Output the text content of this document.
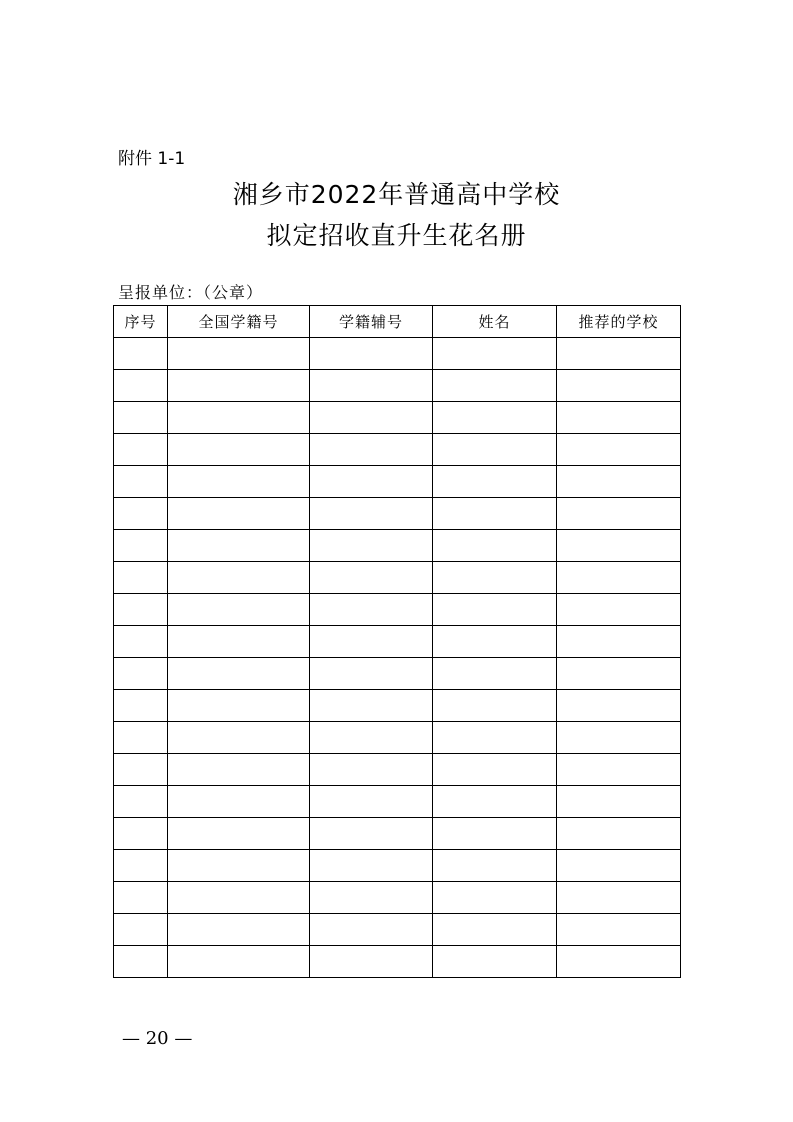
附件 1-1
湘乡市2022年普通高中学校
拟定招收直升生花名册
呈报单位：（公章）
序号	全国学籍号	学籍辅号	姓名	推荐的学校

— 20 —
